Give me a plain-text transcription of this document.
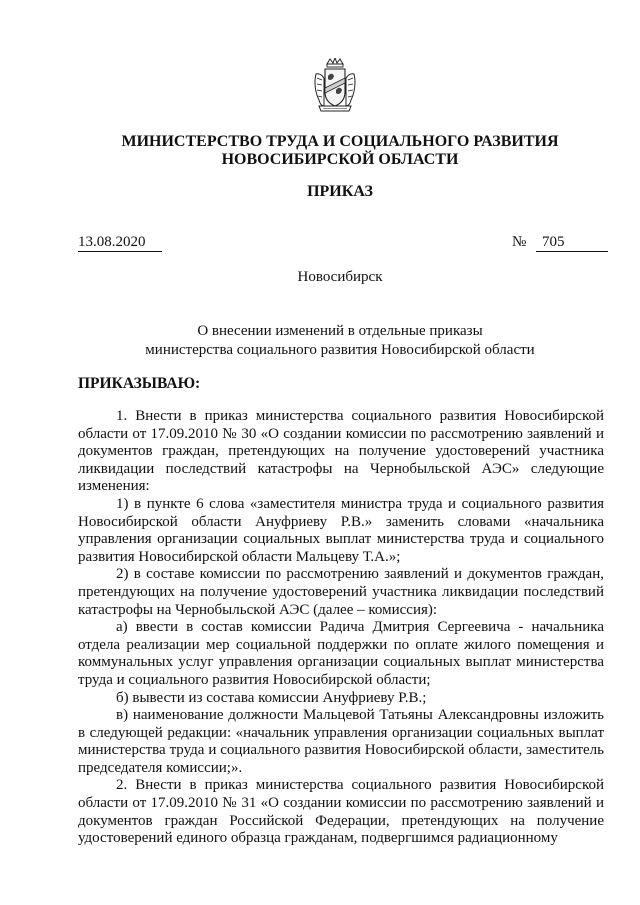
МИНИСТЕРСТВО ТРУДА И СОЦИАЛЬНОГО РАЗВИТИЯ
НОВОСИБИРСКОЙ ОБЛАСТИ
ПРИКАЗ
13.08.2020	№	705
Новосибирск
О внесении изменений в отдельные приказы
министерства социального развития Новосибирской области
ПРИКАЗЫВАЮ:

1. Внести в приказ министерства социального развития Новосибирской области от 17.09.2010 № 30 «О создании комиссии по рассмотрению заявлений и документов граждан, претендующих на получение удостоверений участника ликвидации последствий катастрофы на Чернобыльской АЭС» следующие изменения:

1) в пункте 6 слова «заместителя министра труда и социального развития Новосибирской области Ануфриеву Р.В.» заменить словами «начальника управления организации социальных выплат министерства труда и социального развития Новосибирской области Мальцеву Т.А.»;

2) в составе комиссии по рассмотрению заявлений и документов граждан, претендующих на получение удостоверений участника ликвидации последствий катастрофы на Чернобыльской АЭС (далее – комиссия):

а) ввести в состав комиссии Радича Дмитрия Сергеевича - начальника отдела реализации мер социальной поддержки по оплате жилого помещения и коммунальных услуг управления организации социальных выплат министерства труда и социального развития Новосибирской области;

б) вывести из состава комиссии Ануфриеву Р.В.;

в) наименование должности Мальцевой Татьяны Александровны изложить в следующей редакции: «начальник управления организации социальных выплат министерства труда и социального развития Новосибирской области, заместитель председателя комиссии;».

2. Внести в приказ министерства социального развития Новосибирской области от 17.09.2010 № 31 «О создании комиссии по рассмотрению заявлений и документов граждан Российской Федерации, претендующих на получение удостоверений единого образца гражданам, подвергшимся радиационному
